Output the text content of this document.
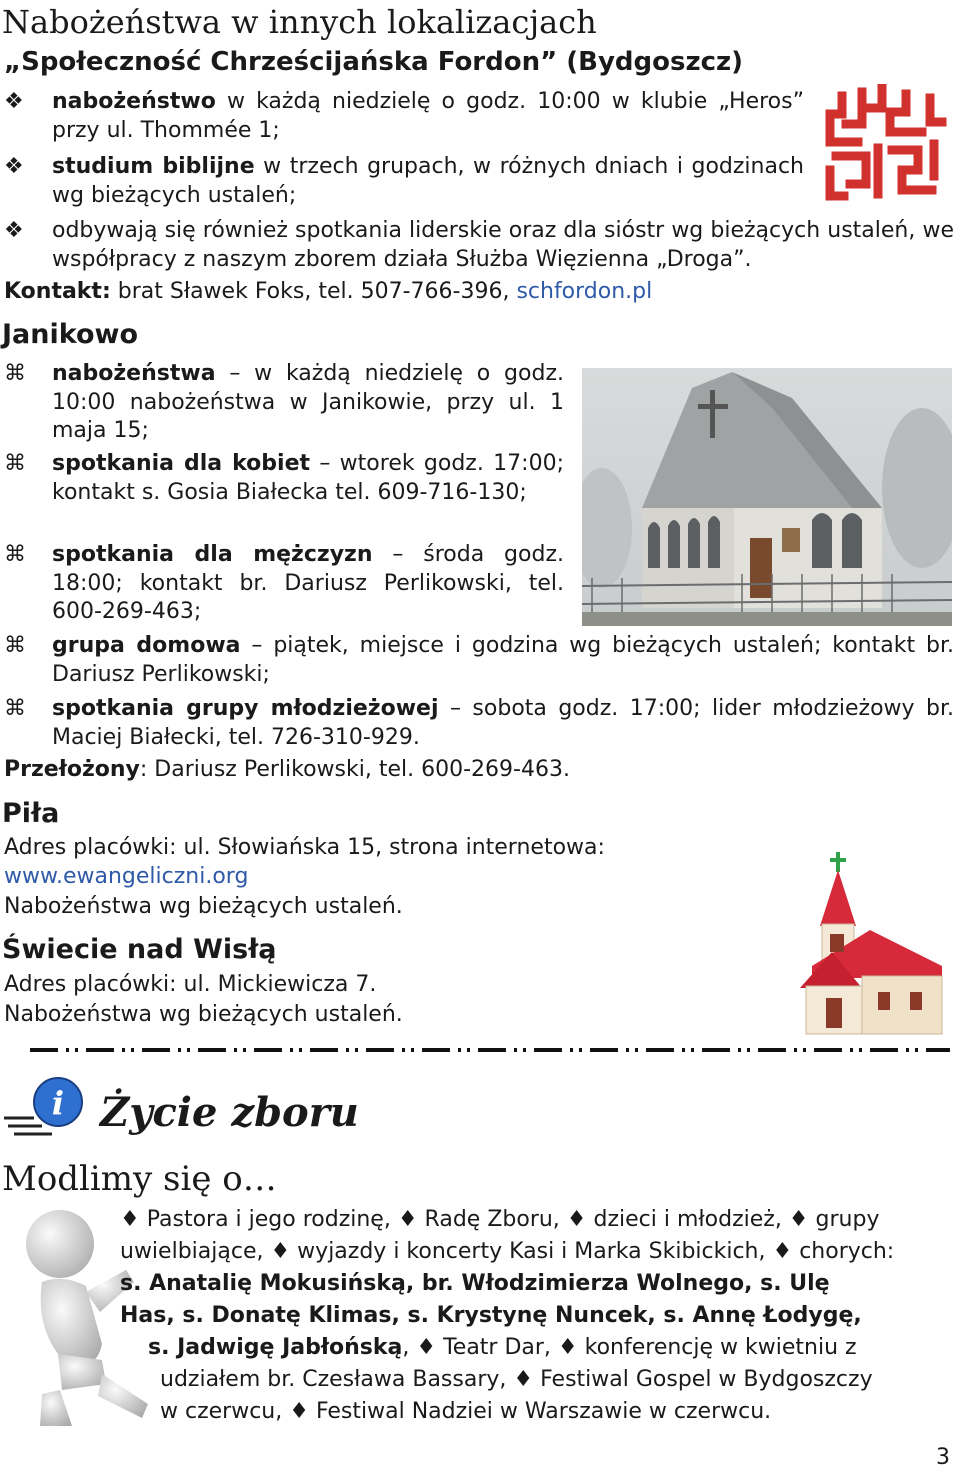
Nabożeństwa w innych lokalizacjach
„Społeczność Chrześcijańska Fordon” (Bydgoszcz)
❖	nabożeństwo w każdą niedzielę o godz. 10:00 w klubie „Heros” przy ul. Thommée 1;

❖	studium biblijne w trzech grupach, w różnych dniach i godzinach wg bieżących ustaleń;

❖	odbywają się również spotkania liderskie oraz dla sióstr wg bieżących ustaleń, we współpracy z naszym zborem działa Służba Więzienna „Droga”.

Kontakt: brat Sławek Foks, tel. 507-766-396, schfordon.pl

Janikowo
⌘	nabożeństwa – w każdą niedzielę o godz. 10:00 nabożeństwa w Janikowie, przy ul. 1 maja 15;

⌘	spotkania dla kobiet – wtorek godz. 17:00; kontakt s. Gosia Białecka tel. 609-716-130;

⌘	spotkania dla mężczyzn – środa godz. 18:00; kontakt br. Dariusz Perlikowski, tel. 600-269-463;

⌘	grupa domowa – piątek, miejsce i godzina wg bieżących ustaleń; kontakt br. Dariusz Perlikowski;

⌘	spotkania grupy młodzieżowej – sobota godz. 17:00; lider młodzieżowy br. Maciej Białecki, tel. 726-310-929.

Przełożony: Dariusz Perlikowski, tel. 600-269-463.

Piła

Adres placówki: ul. Słowiańska 15, strona internetowa:

www.ewangeliczni.org

Nabożeństwa wg bieżących ustaleń.

Świecie nad Wisłą

Adres placówki: ul. Mickiewicza 7.

Nabożeństwa wg bieżących ustaleń.

i Życie zboru
Modlimy się o…
♦ Pastora i jego rodzinę, ♦ Radę Zboru, ♦ dzieci i młodzież, ♦ grupy
uwielbiające, ♦ wyjazdy i koncerty Kasi i Marka Skibickich, ♦ chorych:
s. Anatalię Mokusińską, br. Włodzimierza Wolnego, s. Ulę
Has, s. Donatę Klimas, s. Krystynę Nuncek, s. Annę Łodygę,
s. Jadwigę Jabłońską, ♦ Teatr Dar, ♦ konferencję w kwietniu z
udziałem br. Czesława Bassary, ♦ Festiwal Gospel w Bydgoszczy
w czerwcu, ♦ Festiwal Nadziei w Warszawie w czerwcu.
3
